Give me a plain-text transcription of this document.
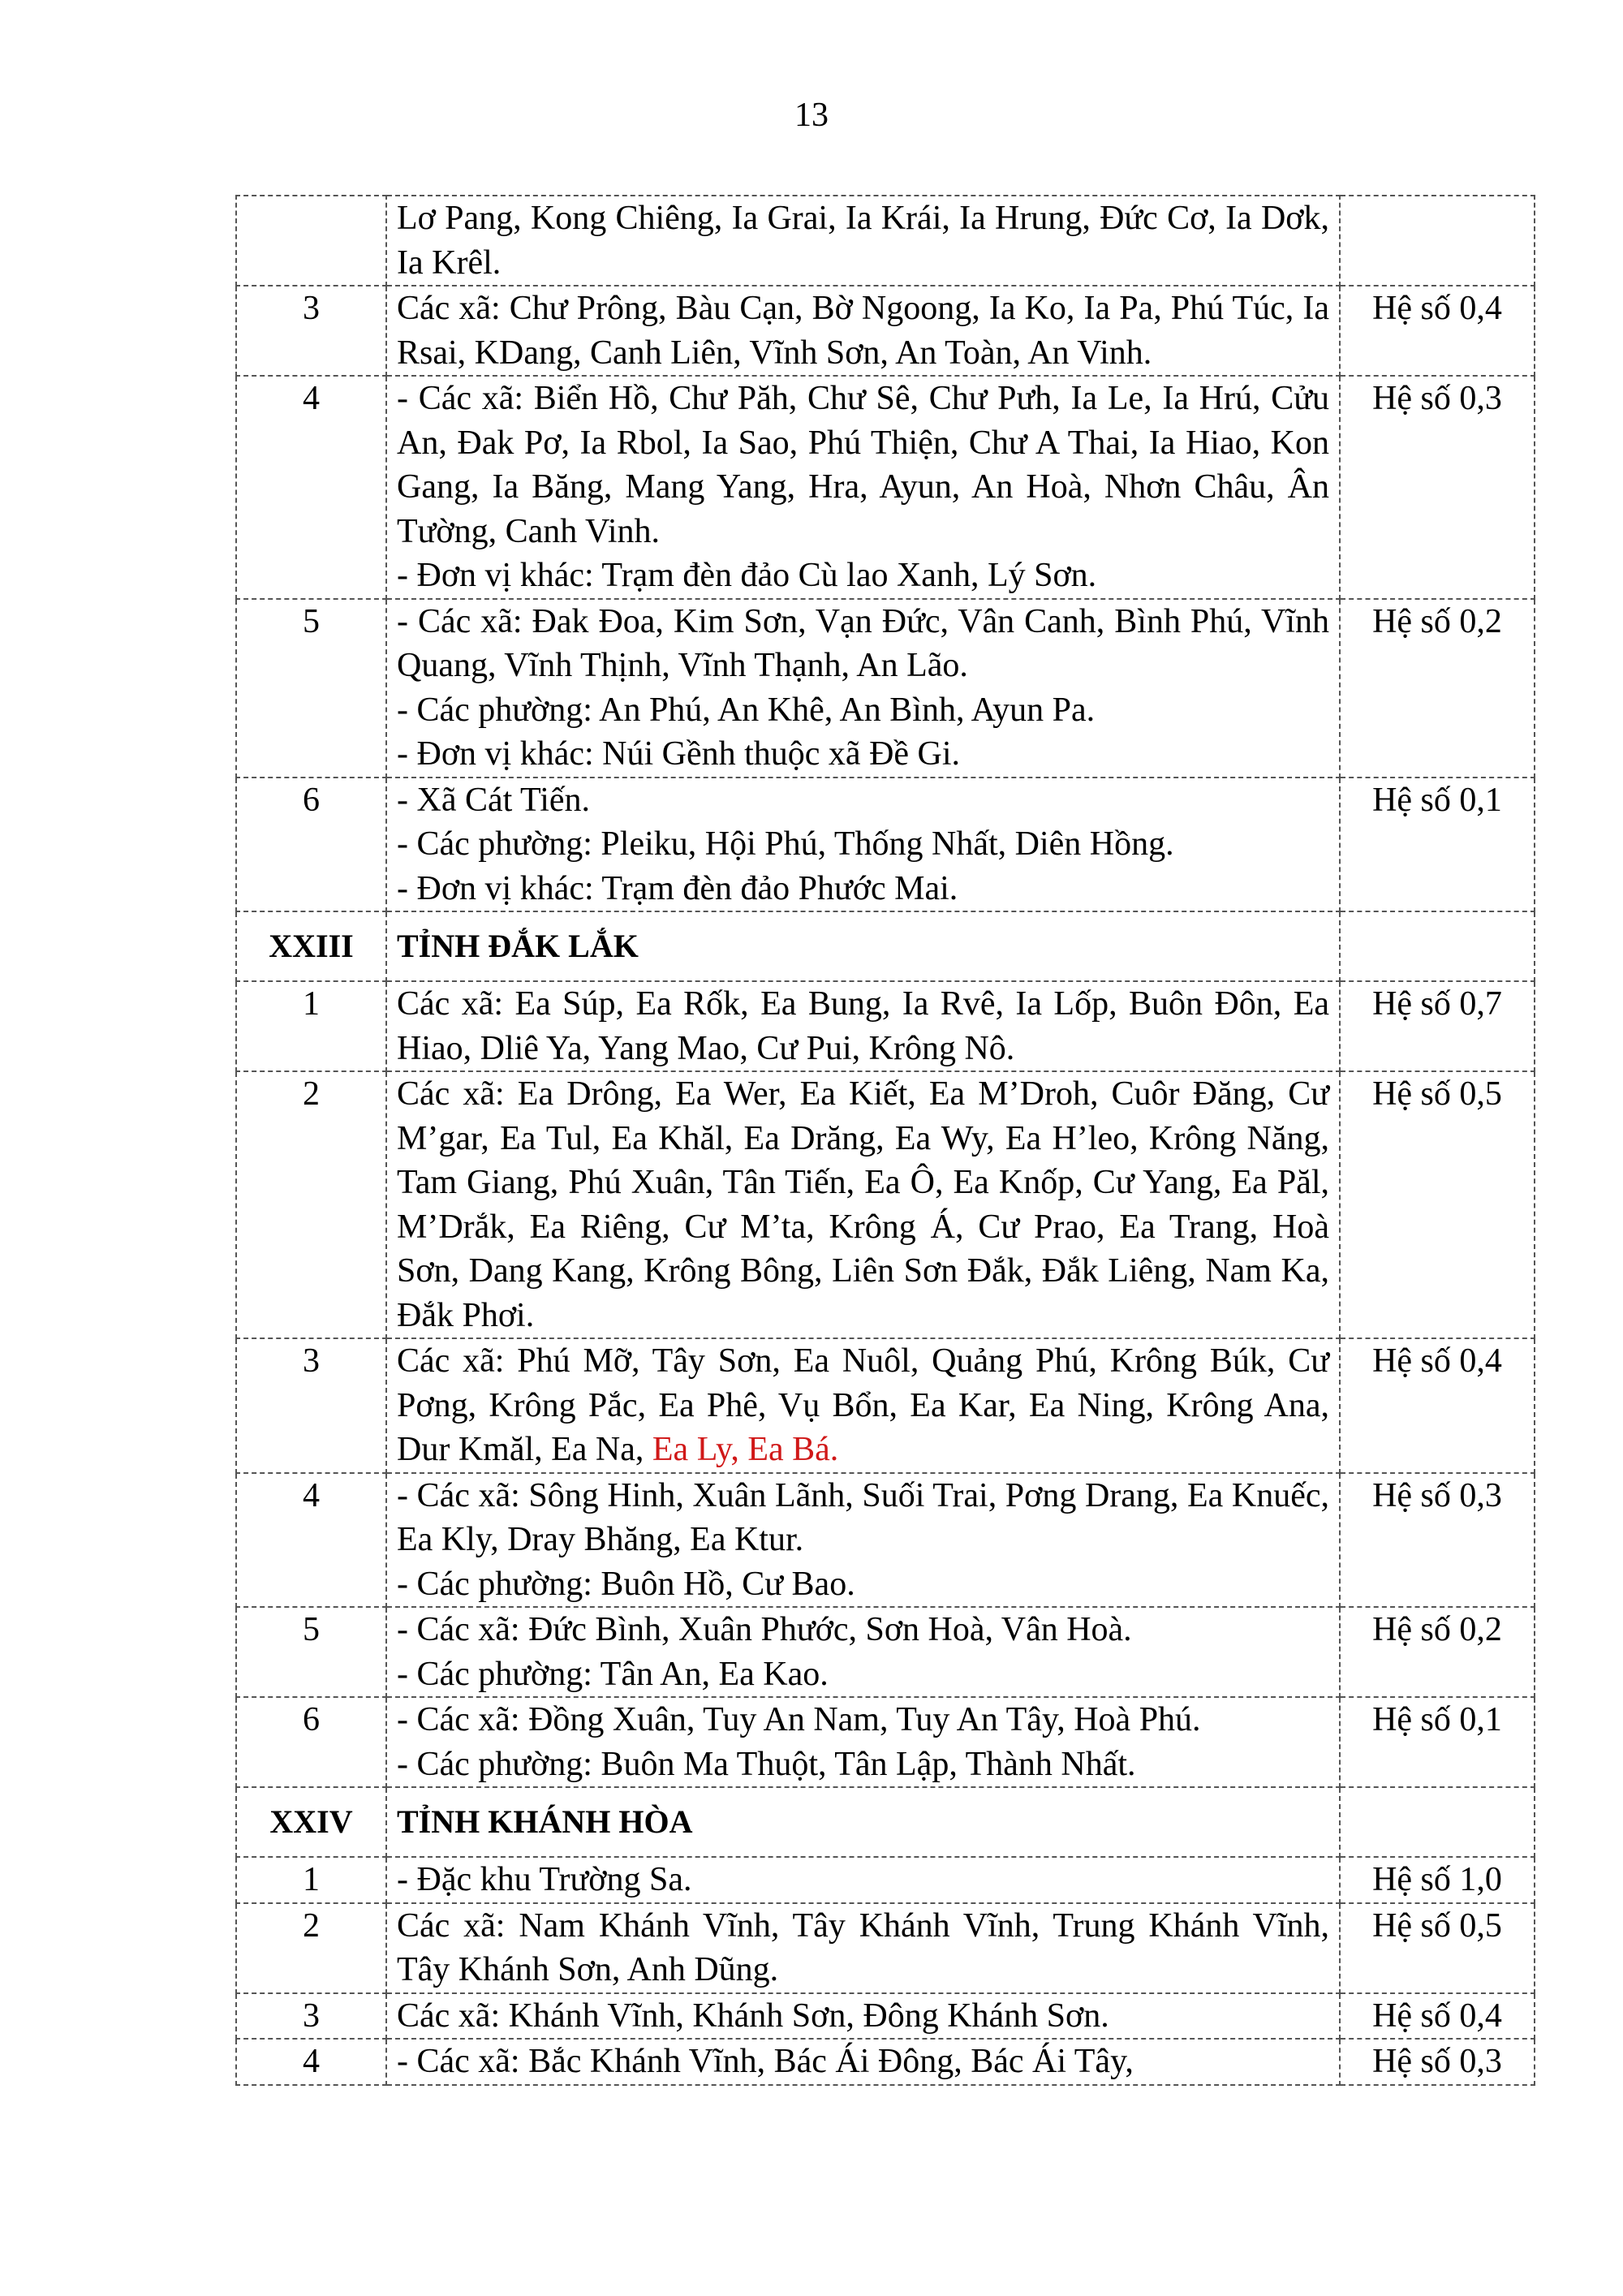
13
	Lơ Pang, Kong Chiêng, Ia Grai, Ia Krái, Ia Hrung, Đức Cơ, Ia Dơk, Ia Krêl.	
3	Các xã: Chư Prông, Bàu Cạn, Bờ Ngoong, Ia Ko, Ia Pa, Phú Túc, Ia Rsai, KDang, Canh Liên, Vĩnh Sơn, An Toàn, An Vinh.	Hệ số 0,4
4	- Các xã: Biển Hồ, Chư Păh, Chư Sê, Chư Pưh, Ia Le, Ia Hrú, Cửu An, Đak Pơ, Ia Rbol, Ia Sao, Phú Thiện, Chư A Thai, Ia Hiao, Kon Gang, Ia Băng, Mang Yang, Hra, Ayun, An Hoà, Nhơn Châu, Ân Tường, Canh Vinh.
- Đơn vị khác: Trạm đèn đảo Cù lao Xanh, Lý Sơn.	Hệ số 0,3
5	- Các xã: Đak Đoa, Kim Sơn, Vạn Đức, Vân Canh, Bình Phú, Vĩnh Quang, Vĩnh Thịnh, Vĩnh Thạnh, An Lão.
- Các phường: An Phú, An Khê, An Bình, Ayun Pa.
- Đơn vị khác: Núi Gềnh thuộc xã Đề Gi.	Hệ số 0,2
6	- Xã Cát Tiến.
- Các phường: Pleiku, Hội Phú, Thống Nhất, Diên Hồng.
- Đơn vị khác: Trạm đèn đảo Phước Mai.	Hệ số 0,1
XXIII	TỈNH ĐẮK LẮK	
1	Các xã: Ea Súp, Ea Rốk, Ea Bung, Ia Rvê, Ia Lốp, Buôn Đôn, Ea Hiao, Dliê Ya, Yang Mao, Cư Pui, Krông Nô.	Hệ số 0,7
2	Các xã: Ea Drông, Ea Wer, Ea Kiết, Ea M’Droh, Cuôr Đăng, Cư M’gar, Ea Tul, Ea Khăl, Ea Drăng, Ea Wy, Ea H’leo, Krông Năng, Tam Giang, Phú Xuân, Tân Tiến, Ea Ô, Ea Knốp, Cư Yang, Ea Păl, M’Drắk, Ea Riêng, Cư M’ta, Krông Á, Cư Prao, Ea Trang, Hoà Sơn, Dang Kang, Krông Bông, Liên Sơn Đắk, Đắk Liêng, Nam Ka, Đắk Phơi.	Hệ số 0,5
3	Các xã: Phú Mỡ, Tây Sơn, Ea Nuôl, Quảng Phú, Krông Búk, Cư Pơng, Krông Pắc, Ea Phê, Vụ Bổn, Ea Kar, Ea Ning, Krông Ana, Dur Kmăl, Ea Na, Ea Ly, Ea Bá.	Hệ số 0,4
4	- Các xã: Sông Hinh, Xuân Lãnh, Suối Trai, Pơng Drang, Ea Knuếc, Ea Kly, Dray Bhăng, Ea Ktur.
- Các phường: Buôn Hồ, Cư Bao.	Hệ số 0,3
5	- Các xã: Đức Bình, Xuân Phước, Sơn Hoà, Vân Hoà.
- Các phường: Tân An, Ea Kao.	Hệ số 0,2
6	- Các xã: Đồng Xuân, Tuy An Nam, Tuy An Tây, Hoà Phú.
- Các phường: Buôn Ma Thuột, Tân Lập, Thành Nhất.	Hệ số 0,1
XXIV	TỈNH KHÁNH HÒA	
1	- Đặc khu Trường Sa.	Hệ số 1,0
2	Các xã: Nam Khánh Vĩnh, Tây Khánh Vĩnh, Trung Khánh Vĩnh, Tây Khánh Sơn, Anh Dũng.	Hệ số 0,5
3	Các xã: Khánh Vĩnh, Khánh Sơn, Đông Khánh Sơn.	Hệ số 0,4
4	- Các xã: Bắc Khánh Vĩnh, Bác Ái Đông, Bác Ái Tây,	Hệ số 0,3
